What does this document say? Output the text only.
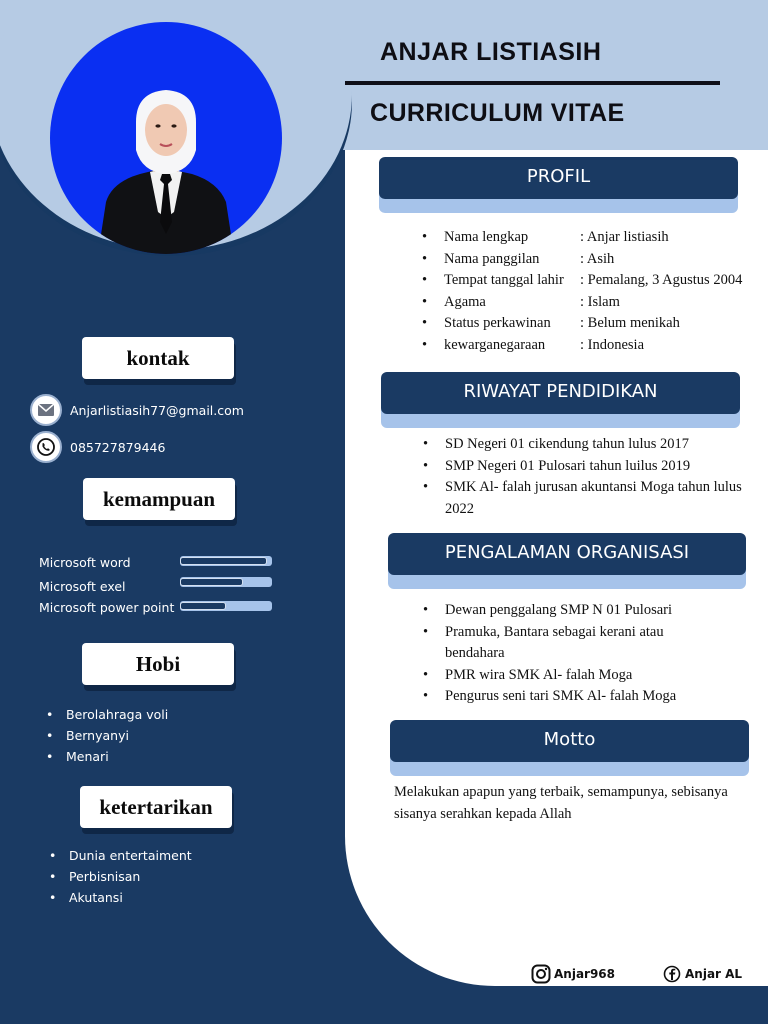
ANJAR LISTIASIH
CURRICULUM VITAE
PROFIL
• Nama lengkap	: Anjar listiasih
• Nama panggilan	: Asih
• Tempat tanggal lahir	: Pemalang, 3 Agustus 2004
• Agama	: Islam
• Status perkawinan	: Belum menikah
• kewarganegaraan	: Indonesia
RIWAYAT PENDIDIKAN
• SD Negeri 01 cikendung tahun lulus 2017
• SMP Negeri 01 Pulosari tahun luilus 2019
• SMK Al- falah jurusan akuntansi Moga tahun lulus 2022
PENGALAMAN ORGANISASI
• Dewan penggalang SMP N 01 Pulosari
• Pramuka, Bantara sebagai kerani atau bendahara
• PMR wira SMK Al- falah Moga
• Pengurus seni tari SMK Al- falah Moga
Motto
Melakukan apapun yang terbaik, semampunya, sebisanya sisanya serahkan kepada Allah
kontak
Anjarlistiasih77@gmail.com
085727879446
kemampuan
Microsoft word
Microsoft exel
Microsoft power point
Hobi
• Berolahraga voli
• Bernyanyi
• Menari
ketertarikan
• Dunia entertaiment
• Perbisnisan
• Akutansi
Anjar968	Anjar AL
